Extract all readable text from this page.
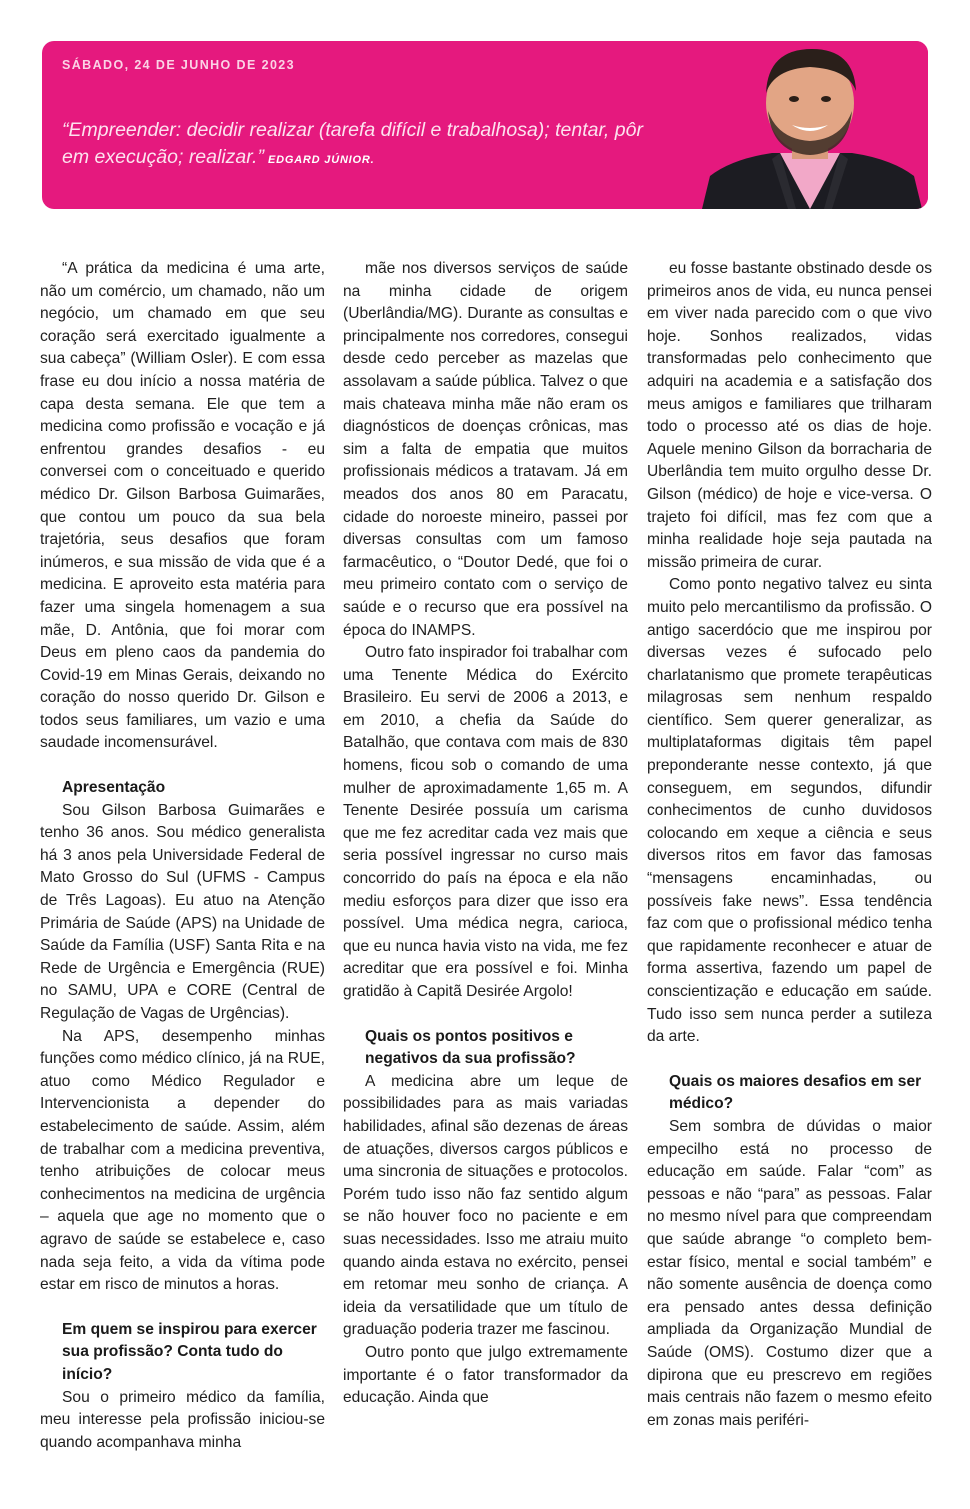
SÁBADO, 24 DE JUNHO DE 2023
“Empreender: decidir realizar (tarefa difícil e trabalhosa); tentar, pôr em execução; realizar.” EDGARD JÚNIOR.

“A prática da medicina é uma arte, não um comércio, um chamado, não um negócio, um chamado em que seu coração será exercitado igualmente a sua cabeça” (William Osler). E com essa frase eu dou início a nossa matéria de capa desta semana. Ele que tem a medicina como profissão e vocação e já enfrentou grandes desafios - eu conversei com o conceituado e querido médico Dr. Gilson Barbosa Guimarães, que contou um pouco da sua bela trajetória, seus desafios que foram inúmeros, e sua missão de vida que é a medicina. E aproveito esta matéria para fazer uma singela homenagem a sua mãe, D. Antônia, que foi morar com Deus em pleno caos da pandemia do Covid-19 em Minas Gerais, deixando no coração do nosso querido Dr. Gilson e todos seus familiares, um vazio e uma saudade incomensurável.

Apresentação

Sou Gilson Barbosa Guimarães e tenho 36 anos. Sou médico generalista há 3 anos pela Universidade Federal de Mato Grosso do Sul (UFMS - Campus de Três Lagoas). Eu atuo na Atenção Primária de Saúde (APS) na Unidade de Saúde da Família (USF) Santa Rita e na Rede de Urgência e Emergência (RUE) no SAMU, UPA e CORE (Central de Regulação de Vagas de Urgências).

Na APS, desempenho minhas funções como médico clínico, já na RUE, atuo como Médico Regulador e Intervencionista a depender do estabelecimento de saúde. Assim, além de trabalhar com a medicina preventiva, tenho atribuições de colocar meus conhecimentos na medicina de urgência – aquela que age no momento que o agravo de saúde se estabelece e, caso nada seja feito, a vida da vítima pode estar em risco de minutos a horas.

Em quem se inspirou para exercer sua profissão? Conta tudo do início?

Sou o primeiro médico da família, meu interesse pela profissão iniciou-se quando acompanhava minha

mãe nos diversos serviços de saúde na minha cidade de origem (Uberlândia/MG). Durante as consultas e principalmente nos corredores, consegui desde cedo perceber as mazelas que assolavam a saúde pública. Talvez o que mais chateava minha mãe não eram os diagnósticos de doenças crônicas, mas sim a falta de empatia que muitos profissionais médicos a tratavam. Já em meados dos anos 80 em Paracatu, cidade do noroeste mineiro, passei por diversas consultas com um famoso farmacêutico, o “Doutor Dedé, que foi o meu primeiro contato com o serviço de saúde e o recurso que era possível na época do INAMPS.

Outro fato inspirador foi trabalhar com uma Tenente Médica do Exército Brasileiro. Eu servi de 2006 a 2013, e em 2010, a chefia da Saúde do Batalhão, que contava com mais de 830 homens, ficou sob o comando de uma mulher de aproximadamente 1,65 m. A Tenente Desirée possuía um carisma que me fez acreditar cada vez mais que seria possível ingressar no curso mais concorrido do país na época e ela não mediu esforços para dizer que isso era possível. Uma médica negra, carioca, que eu nunca havia visto na vida, me fez acreditar que era possível e foi. Minha gratidão à Capitã Desirée Argolo!

Quais os pontos positivos e negativos da sua profissão?

A medicina abre um leque de possibilidades para as mais variadas habilidades, afinal são dezenas de áreas de atuações, diversos cargos públicos e uma sincronia de situações e protocolos. Porém tudo isso não faz sentido algum se não houver foco no paciente e em suas necessidades. Isso me atraiu muito quando ainda estava no exército, pensei em retomar meu sonho de criança. A ideia da versatilidade que um título de graduação poderia trazer me fascinou.

Outro ponto que julgo extremamente importante é o fator transformador da educação. Ainda que

eu fosse bastante obstinado desde os primeiros anos de vida, eu nunca pensei em viver nada parecido com o que vivo hoje. Sonhos realizados, vidas transformadas pelo conhecimento que adquiri na academia e a satisfação dos meus amigos e familiares que trilharam todo o processo até os dias de hoje. Aquele menino Gilson da borracharia de Uberlândia tem muito orgulho desse Dr. Gilson (médico) de hoje e vice-versa. O trajeto foi difícil, mas fez com que a minha realidade hoje seja pautada na missão primeira de curar.

Como ponto negativo talvez eu sinta muito pelo mercantilismo da profissão. O antigo sacerdócio que me inspirou por diversas vezes é sufocado pelo charlatanismo que promete terapêuticas milagrosas sem nenhum respaldo científico. Sem querer generalizar, as multiplataformas digitais têm papel preponderante nesse contexto, já que conseguem, em segundos, difundir conhecimentos de cunho duvidosos colocando em xeque a ciência e seus diversos ritos em favor das famosas “mensagens encaminhadas, ou possíveis fake news”. Essa tendência faz com que o profissional médico tenha que rapidamente reconhecer e atuar de forma assertiva, fazendo um papel de conscientização e educação em saúde. Tudo isso sem nunca perder a sutileza da arte.

Quais os maiores desafios em ser médico?

Sem sombra de dúvidas o maior empecilho está no processo de educação em saúde. Falar “com” as pessoas e não “para” as pessoas. Falar no mesmo nível para que compreendam que saúde abrange “o completo bem-estar físico, mental e social também” e não somente ausência de doença como era pensado antes dessa definição ampliada da Organização Mundial de Saúde (OMS). Costumo dizer que a dipirona que eu prescrevo em regiões mais centrais não fazem o mesmo efeito em zonas mais periféri-
